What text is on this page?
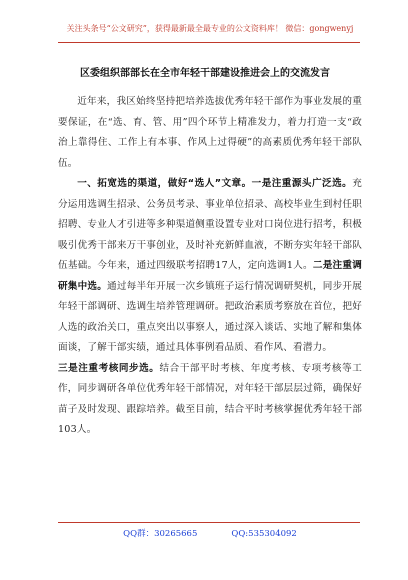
关注头条号“公文研究”，获得最新最全最专业的公文资料库！ 微信：gongwenyj
区委组织部部长在全市年轻干部建设推进会上的交流发言

近年来，我区始终坚持把培养选拔优秀年轻干部作为事业发展的重要保证，在“选、育、管、用”四个环节上精准发力，着力打造一支“政治上靠得住、工作上有本事、作风上过得硬”的高素质优秀年轻干部队伍。

一、拓宽选的渠道，做好“选人”文章。一是注重源头广泛选。充分运用选调生招录、公务员考录、事业单位招录、高校毕业生到村任职招聘、专业人才引进等多种渠道侧重设置专业对口岗位进行招考，积极吸引优秀干部来万干事创业，及时补充新鲜血液，不断夯实年轻干部队伍基础。今年来，通过四级联考招聘17人，定向选调1人。二是注重调研集中选。通过每半年开展一次乡镇班子运行情况调研契机，同步开展年轻干部调研、选调生培养管理调研。把政治素质考察放在首位，把好人选的政治关口，重点突出以事察人，通过深入谈话、实地了解和集体面谈，了解干部实绩，通过具体事例看品质、看作风、看潜力。

三是注重考核同步选。结合干部平时考核、年度考核、专项考核等工作，同步调研各单位优秀年轻干部情况，对年轻干部层层过筛，确保好苗子及时发现、跟踪培养。截至目前，结合平时考核掌握优秀年轻干部103人。

QQ群：30265665	QQ:535304092
